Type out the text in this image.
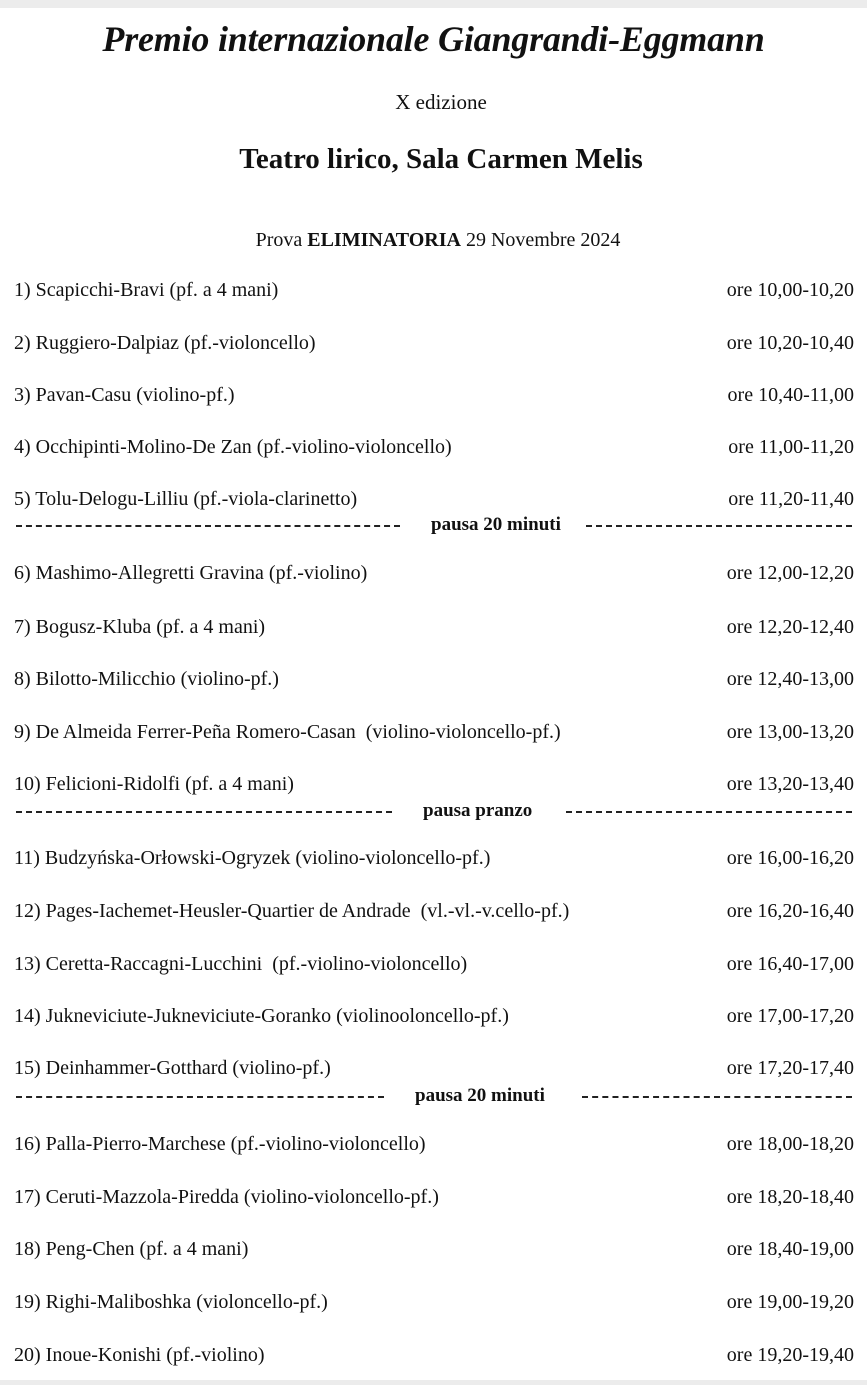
Premio internazionale Giangrandi-Eggmann
X edizione
Teatro lirico, Sala Carmen Melis
Prova ELIMINATORIA 29 Novembre 2024
1) Scapicchi-Bravi (pf. a 4 mani)	ore 10,00-10,20
2) Ruggiero-Dalpiaz (pf.-violoncello)	ore 10,20-10,40
3) Pavan-Casu (violino-pf.)	ore 10,40-11,00
4) Occhipinti-Molino-De Zan (pf.-violino-violoncello)	ore 11,00-11,20
5) Tolu-Delogu-Lilliu (pf.-viola-clarinetto)	ore 11,20-11,40
pausa 20 minuti
6) Mashimo-Allegretti Gravina (pf.-violino)	ore 12,00-12,20
7) Bogusz-Kluba (pf. a 4 mani)	ore 12,20-12,40
8) Bilotto-Milicchio (violino-pf.)	ore 12,40-13,00
9) De Almeida Ferrer-Peña Romero-Casan  (violino-violoncello-pf.)	ore 13,00-13,20
10) Felicioni-Ridolfi (pf. a 4 mani)	ore 13,20-13,40
pausa pranzo
11) Budzyńska-Orłowski-Ogryzek (violino-violoncello-pf.)	ore 16,00-16,20
12) Pages-Iachemet-Heusler-Quartier de Andrade  (vl.-vl.-v.cello-pf.)	ore 16,20-16,40
13) Ceretta-Raccagni-Lucchini  (pf.-violino-violoncello)	ore 16,40-17,00
14) Jukneviciute-Jukneviciute-Goranko (violinooloncello-pf.)	ore 17,00-17,20
15) Deinhammer-Gotthard (violino-pf.)	ore 17,20-17,40
pausa 20 minuti
16) Palla-Pierro-Marchese (pf.-violino-violoncello)	ore 18,00-18,20
17) Ceruti-Mazzola-Piredda (violino-violoncello-pf.)	ore 18,20-18,40
18) Peng-Chen (pf. a 4 mani)	ore 18,40-19,00
19) Righi-Maliboshka (violoncello-pf.)	ore 19,00-19,20
20) Inoue-Konishi (pf.-violino)	ore 19,20-19,40
